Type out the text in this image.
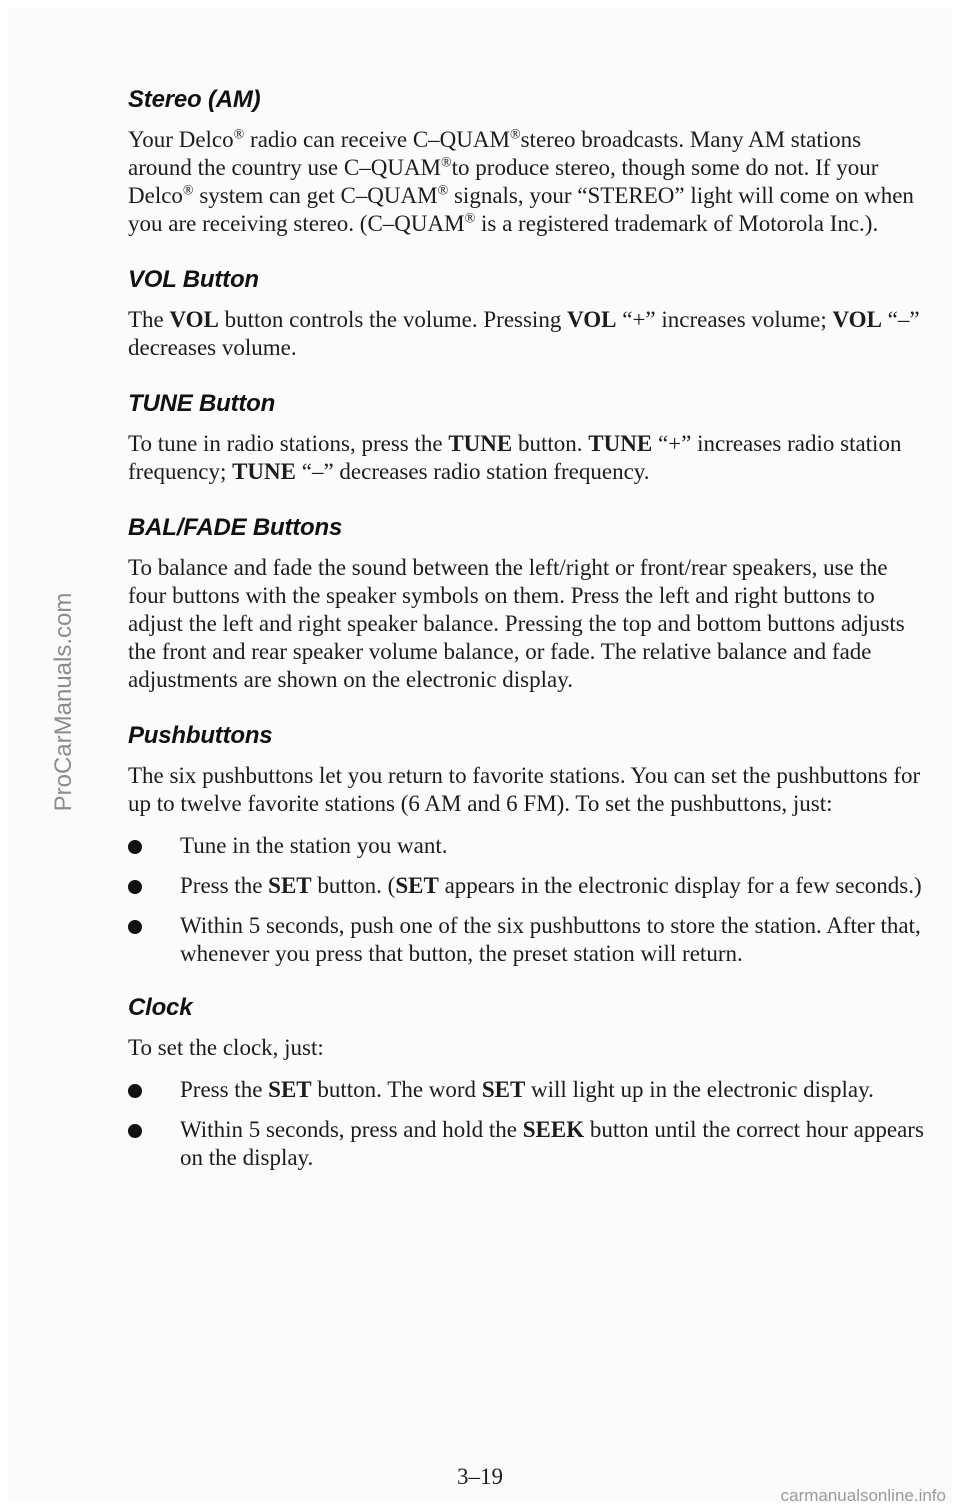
ProCarManuals.com
Stereo (AM)

Your Delco® radio can receive C–QUAM®stereo broadcasts. Many AM stations around the country use C–QUAM®to produce stereo, though some do not. If your Delco® system can get C–QUAM® signals, your “STEREO” light will come on when you are receiving stereo. (C–QUAM® is a registered trademark of Motorola Inc.).

VOL Button

The VOL button controls the volume. Pressing VOL “+” increases volume; VOL “–” decreases volume.

TUNE Button

To tune in radio stations, press the TUNE button. TUNE “+” increases radio station frequency; TUNE “–” decreases radio station frequency.

BAL/FADE Buttons

To balance and fade the sound between the left/right or front/rear speakers, use the four buttons with the speaker symbols on them. Press the left and right buttons to adjust the left and right speaker balance. Pressing the top and bottom buttons adjusts the front and rear speaker volume balance, or fade. The relative balance and fade adjustments are shown on the electronic display.

Pushbuttons

The six pushbuttons let you return to favorite stations. You can set the pushbuttons for up to twelve favorite stations (6 AM and 6 FM). To set the pushbuttons, just:

Tune in the station you want.
Press the SET button. (SET appears in the electronic display for a few seconds.)
Within 5 seconds, push one of the six pushbuttons to store the station. After that, whenever you press that button, the preset station will return.
Clock

To set the clock, just:

Press the SET button. The word SET will light up in the electronic display.
Within 5 seconds, press and hold the SEEK button until the correct hour appears on the display.
3–19
carmanualsonline.info
